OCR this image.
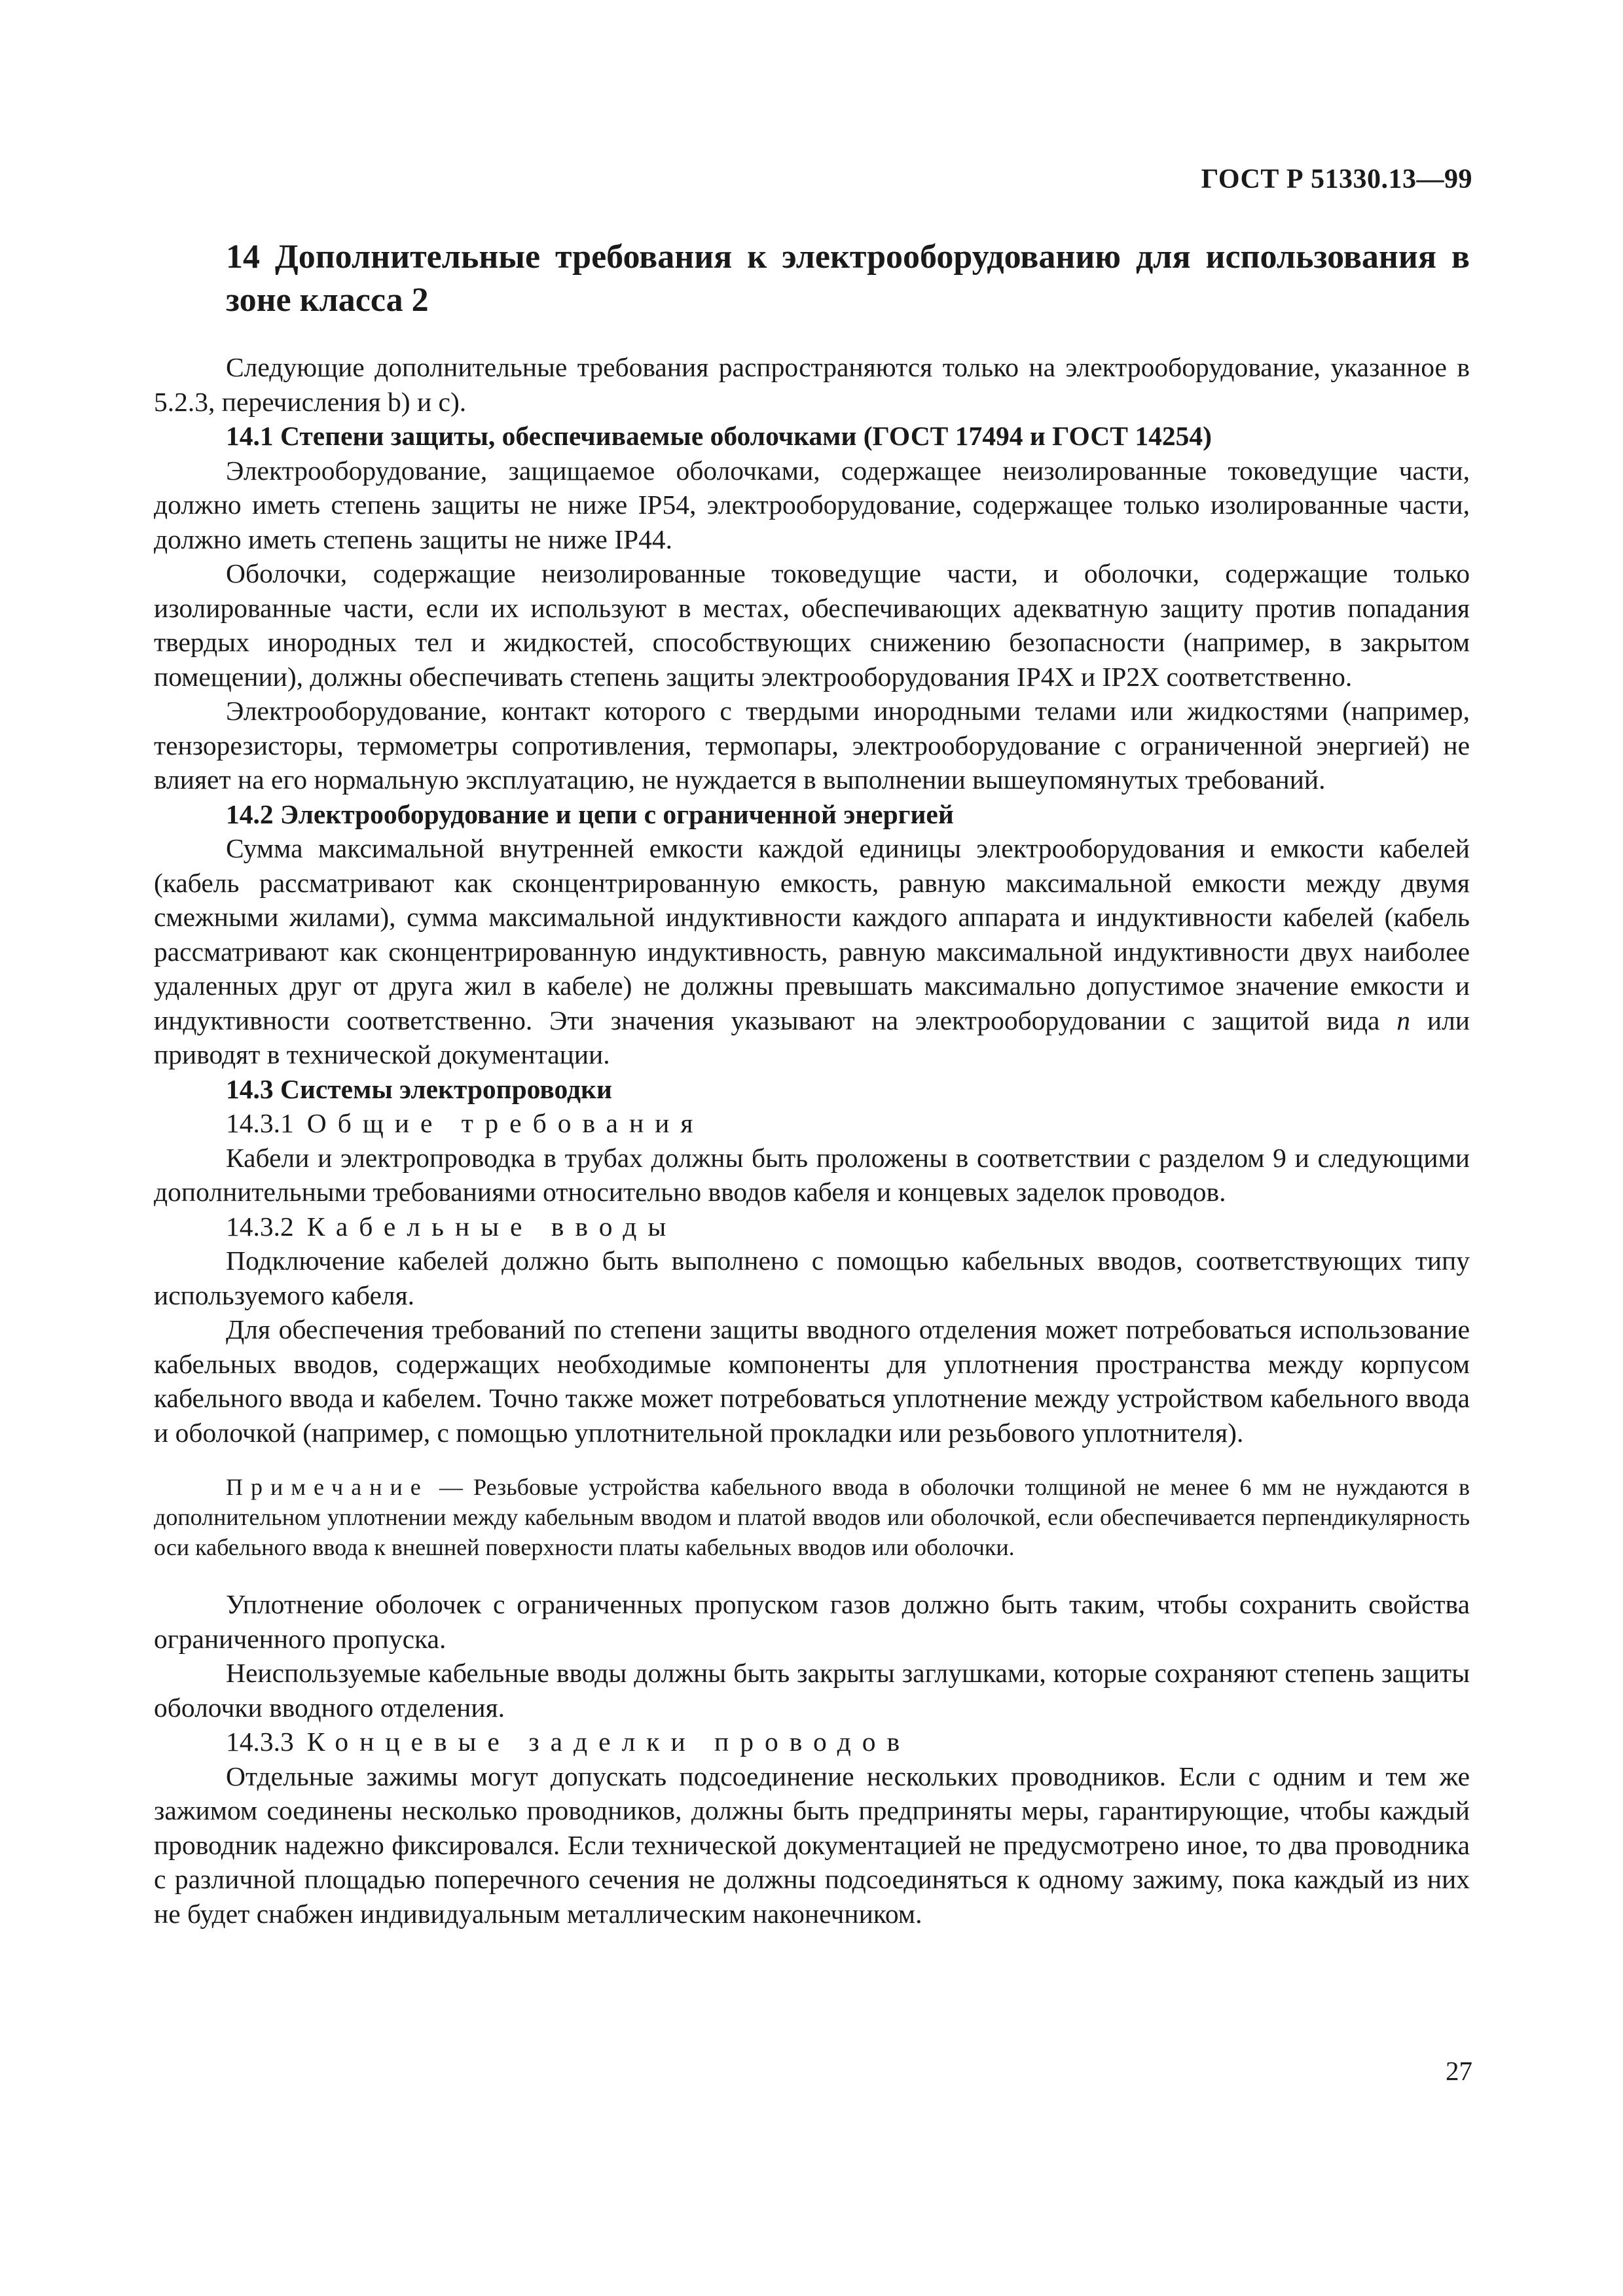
ГОСТ Р 51330.13—99
14 Дополнительные требования к электрооборудованию для использования в зоне класса 2

Следующие дополнительные требования распространяются только на электрооборудование, указанное в 5.2.3, перечисления b) и c).

14.1 Степени защиты, обеспечиваемые оболочками (ГОСТ 17494 и ГОСТ 14254)

Электрооборудование, защищаемое оболочками, содержащее неизолированные токоведущие части, должно иметь степень защиты не ниже IP54, электрооборудование, содержащее только изолированные части, должно иметь степень защиты не ниже IP44.

Оболочки, содержащие неизолированные токоведущие части, и оболочки, содержащие только изолированные части, если их используют в местах, обеспечивающих адекватную защиту против попадания твердых инородных тел и жидкостей, способствующих снижению безопасности (например, в закрытом помещении), должны обеспечивать степень защиты электрооборудования IP4X и IP2X соответственно.

Электрооборудование, контакт которого с твердыми инородными телами или жидкостями (например, тензорезисторы, термометры сопротивления, термопары, электрооборудование с ограниченной энергией) не влияет на его нормальную эксплуатацию, не нуждается в выполнении вышеупомянутых требований.

14.2 Электрооборудование и цепи с ограниченной энергией

Сумма максимальной внутренней емкости каждой единицы электрооборудования и емкости кабелей (кабель рассматривают как сконцентрированную емкость, равную максимальной емкости между двумя смежными жилами), сумма максимальной индуктивности каждого аппарата и индуктивности кабелей (кабель рассматривают как сконцентрированную индуктивность, равную максимальной индуктивности двух наиболее удаленных друг от друга жил в кабеле) не должны превышать максимально допустимое значение емкости и индуктивности соответственно. Эти значения указывают на электрооборудовании с защитой вида n или приводят в технической документации.

14.3 Системы электропроводки

14.3.1 Общие требования

Кабели и электропроводка в трубах должны быть проложены в соответствии с разделом 9 и следующими дополнительными требованиями относительно вводов кабеля и концевых заделок проводов.

14.3.2 Кабельные вводы

Подключение кабелей должно быть выполнено с помощью кабельных вводов, соответствующих типу используемого кабеля.

Для обеспечения требований по степени защиты вводного отделения может потребоваться использование кабельных вводов, содержащих необходимые компоненты для уплотнения пространства между корпусом кабельного ввода и кабелем. Точно также может потребоваться уплотнение между устройством кабельного ввода и оболочкой (например, с помощью уплотнительной прокладки или резьбового уплотнителя).

Примечание — Резьбовые устройства кабельного ввода в оболочки толщиной не менее 6 мм не нуждаются в дополнительном уплотнении между кабельным вводом и платой вводов или оболочкой, если обеспечивается перпендикулярность оси кабельного ввода к внешней поверхности платы кабельных вводов или оболочки.

Уплотнение оболочек с ограниченных пропуском газов должно быть таким, чтобы сохранить свойства ограниченного пропуска.

Неиспользуемые кабельные вводы должны быть закрыты заглушками, которые сохраняют степень защиты оболочки вводного отделения.

14.3.3 Концевые заделки проводов

Отдельные зажимы могут допускать подсоединение нескольких проводников. Если с одним и тем же зажимом соединены несколько проводников, должны быть предприняты меры, гарантирующие, чтобы каждый проводник надежно фиксировался. Если технической документацией не предусмотрено иное, то два проводника с различной площадью поперечного сечения не должны подсоединяться к одному зажиму, пока каждый из них не будет снабжен индивидуальным металлическим наконечником.

27
